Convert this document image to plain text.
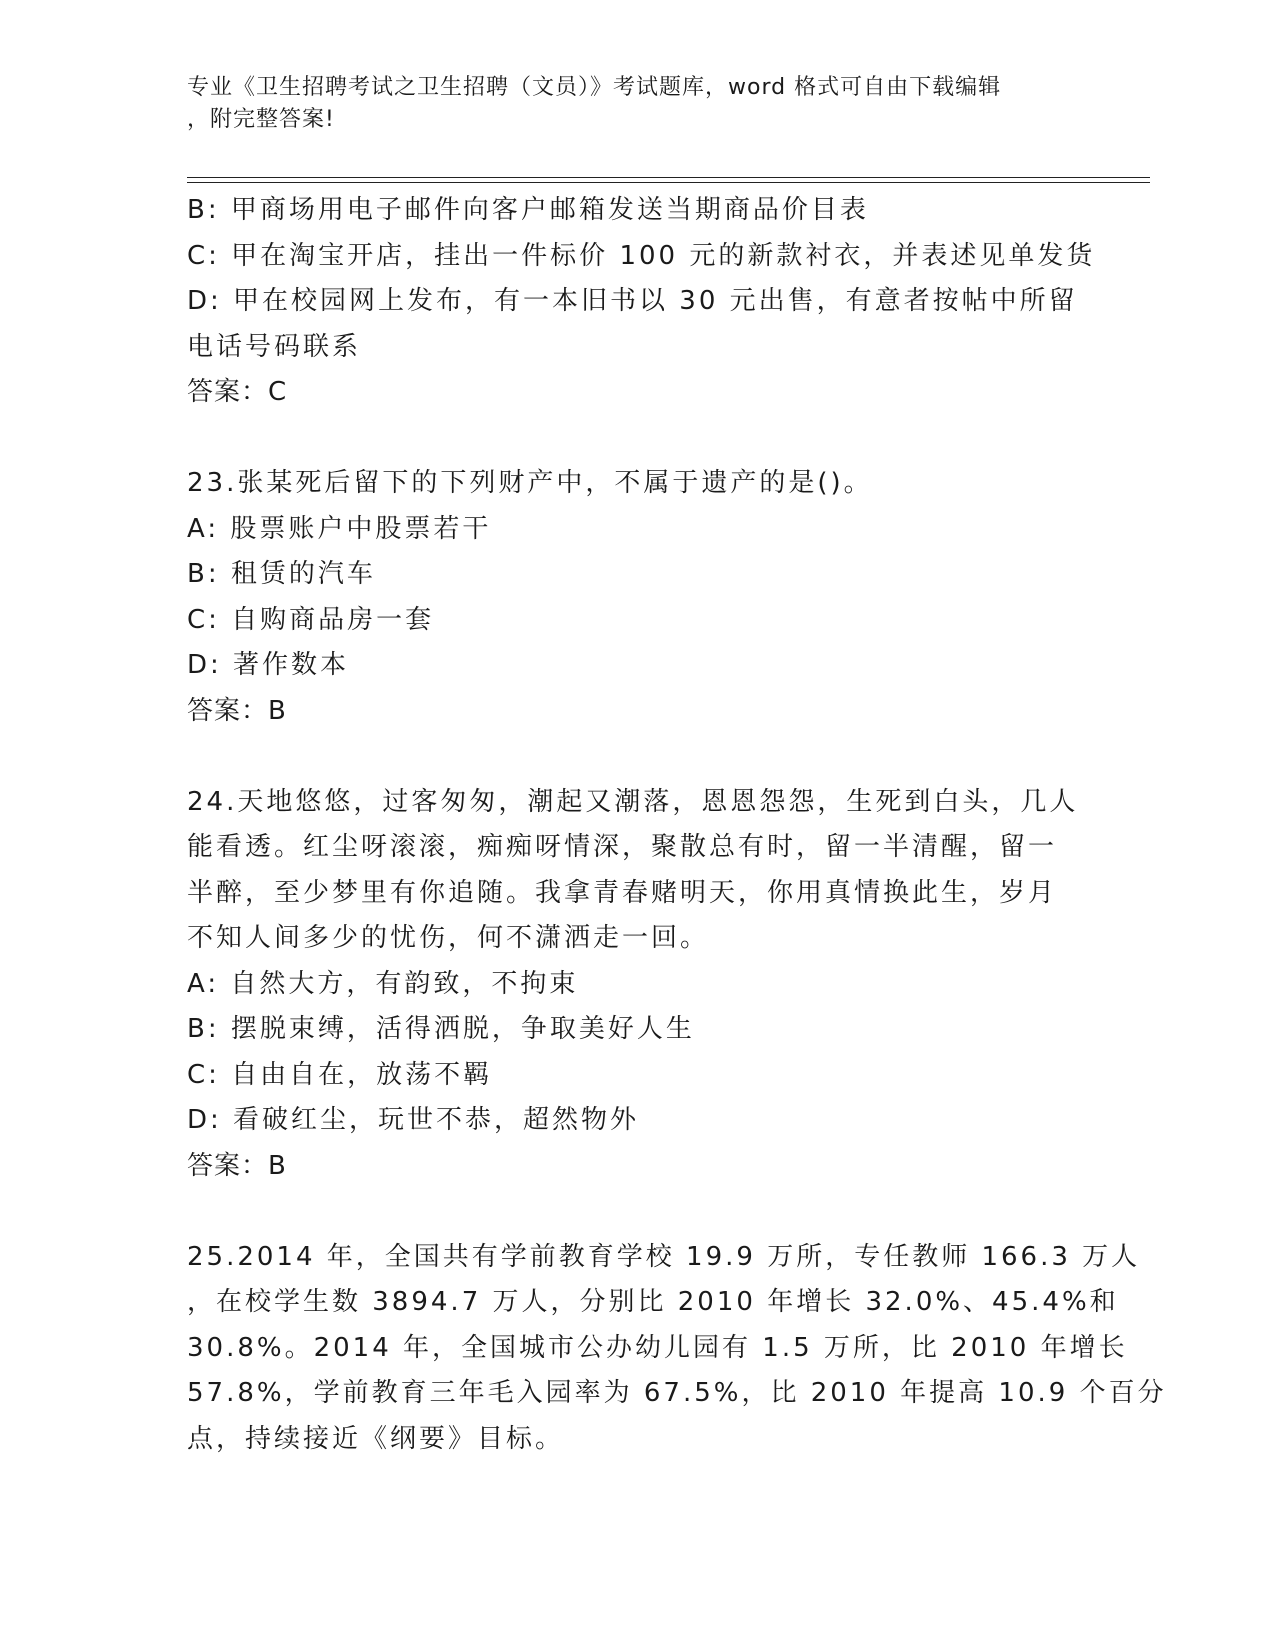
专业《卫生招聘考试之卫生招聘（文员）》考试题库，word 格式可自由下载编辑
，附完整答案!
B: 甲商场用电子邮件向客户邮箱发送当期商品价目表
C: 甲在淘宝开店，挂出一件标价 100 元的新款衬衣，并表述见单发货
D: 甲在校园网上发布，有一本旧书以 30 元出售，有意者按帖中所留
电话号码联系
答案：C
23.张某死后留下的下列财产中，不属于遗产的是()。
A: 股票账户中股票若干
B: 租赁的汽车
C: 自购商品房一套
D: 著作数本
答案：B
24.天地悠悠，过客匆匆，潮起又潮落，恩恩怨怨，生死到白头，几人
能看透。红尘呀滚滚，痴痴呀情深，聚散总有时，留一半清醒，留一
半醉，至少梦里有你追随。我拿青春赌明天，你用真情换此生，岁月
不知人间多少的忧伤，何不潇洒走一回。
A: 自然大方，有韵致，不拘束
B: 摆脱束缚，活得洒脱，争取美好人生
C: 自由自在，放荡不羁
D: 看破红尘，玩世不恭，超然物外
答案：B
25.2014 年，全国共有学前教育学校 19.9 万所，专任教师 166.3 万人
，在校学生数 3894.7 万人，分别比 2010 年增长 32.0%、45.4%和
30.8%。2014 年，全国城市公办幼儿园有 1.5 万所，比 2010 年增长
57.8%，学前教育三年毛入园率为 67.5%，比 2010 年提高 10.9 个百分
点，持续接近《纲要》目标。
